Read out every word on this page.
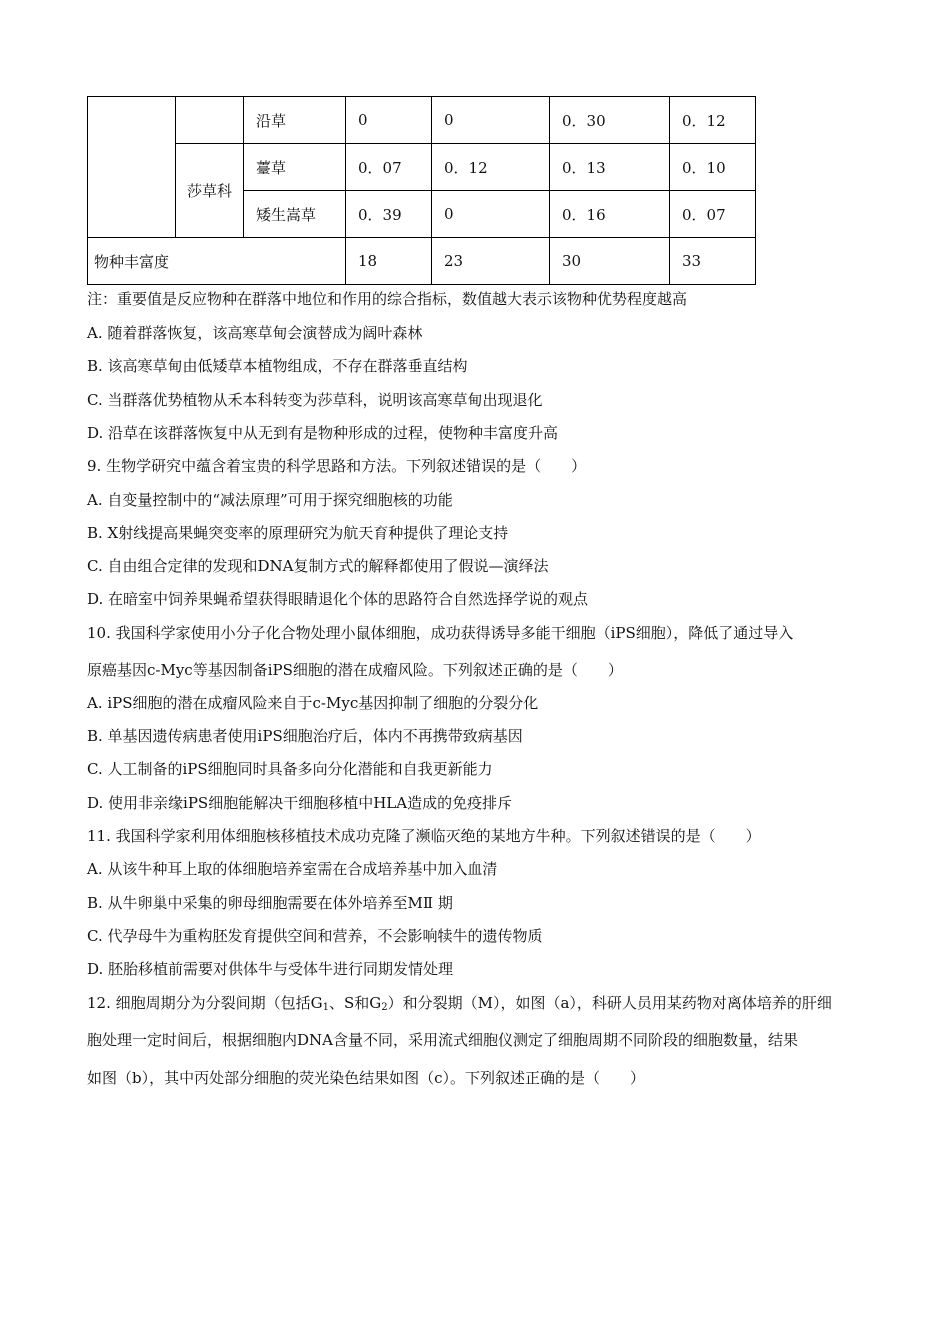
		沿草	0	0	0．30	0．12
	莎草科	薹草	0．07	0．12	0．13	0．10
		矮生嵩草	0．39	0	0．16	0．07
物种丰富度			18	23	30	33
注：重要值是反应物种在群落中地位和作用的综合指标，数值越大表示该物种优势程度越高
A. 随着群落恢复，该高寒草甸会演替成为阔叶森林
B. 该高寒草甸由低矮草本植物组成，不存在群落垂直结构
C. 当群落优势植物从禾本科转变为莎草科，说明该高寒草甸出现退化
D. 沿草在该群落恢复中从无到有是物种形成的过程，使物种丰富度升高
9. 生物学研究中蕴含着宝贵的科学思路和方法。下列叙述错误的是（　　）
A. 自变量控制中的“减法原理”可用于探究细胞核的功能
B. X射线提高果蝇突变率的原理研究为航天育种提供了理论支持
C. 自由组合定律的发现和DNA复制方式的解释都使用了假说—演绎法
D. 在暗室中饲养果蝇希望获得眼睛退化个体的思路符合自然选择学说的观点
10. 我国科学家使用小分子化合物处理小鼠体细胞，成功获得诱导多能干细胞（iPS细胞），降低了通过导入
原癌基因c-Myc等基因制备iPS细胞的潜在成瘤风险。下列叙述正确的是（　　）
A. iPS细胞的潜在成瘤风险来自于c-Myc基因抑制了细胞的分裂分化
B. 单基因遗传病患者使用iPS细胞治疗后，体内不再携带致病基因
C. 人工制备的iPS细胞同时具备多向分化潜能和自我更新能力
D. 使用非亲缘iPS细胞能解决干细胞移植中HLA造成的免疫排斥
11. 我国科学家利用体细胞核移植技术成功克隆了濒临灭绝的某地方牛种。下列叙述错误的是（　　）
A. 从该牛种耳上取的体细胞培养室需在合成培养基中加入血清
B. 从牛卵巢中采集的卵母细胞需要在体外培养至MⅡ 期
C. 代孕母牛为重构胚发育提供空间和营养，不会影响犊牛的遗传物质
D. 胚胎移植前需要对供体牛与受体牛进行同期发情处理
12. 细胞周期分为分裂间期（包括$G_1$、S和$G_2$）和分裂期（M），如图（a），科研人员用某药物对离体培养的肝细
胞处理一定时间后，根据细胞内DNA含量不同，采用流式细胞仪测定了细胞周期不同阶段的细胞数量，结果
如图（b），其中丙处部分细胞的荧光染色结果如图（c）。下列叙述正确的是（　　）
